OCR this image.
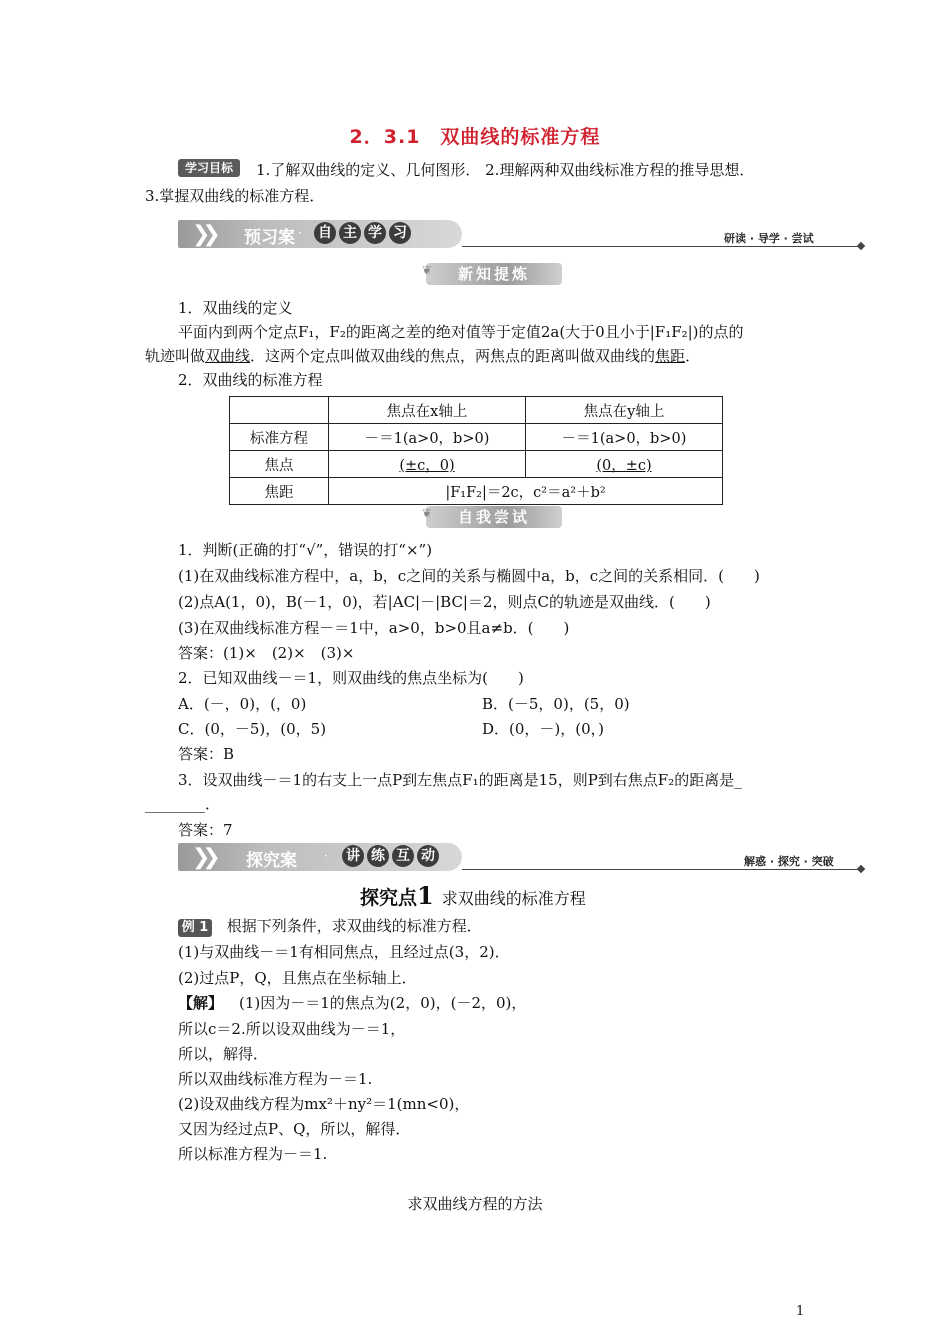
2．3.1　双曲线的标准方程
学习目标	1.了解双曲线的定义、几何图形． 2.理解两种双曲线标准方程的推导思想．
3.掌握双曲线的标准方程．
❯❯ 预习案 · 自 主 学 习	研读 · 导学 · 尝试
❦ 新知提炼
1．双曲线的定义
平面内到两个定点F₁，F₂的距离之差的绝对值等于定值2a(大于0且小于|F₁F₂|)的点的
轨迹叫做双曲线．这两个定点叫做双曲线的焦点，两焦点的距离叫做双曲线的焦距．
2．双曲线的标准方程
	焦点在x轴上	焦点在y轴上
标准方程	－＝1(a>0，b>0)	－＝1(a>0，b>0)
焦点	(±c，0)	(0，±c)
焦距	|F₁F₂|＝2c，c²＝a²＋b²	
❦ 自我尝试
1．判断(正确的打“√”，错误的打“×”)
(1)在双曲线标准方程中，a，b，c之间的关系与椭圆中a，b，c之间的关系相同．(　　)
(2)点A(1，0)，B(－1，0)，若|AC|－|BC|＝2，则点C的轨迹是双曲线．(　　)
(3)在双曲线标准方程－＝1中，a>0，b>0且a≠b．(　　)
答案：(1)×　(2)×　(3)×
2．已知双曲线－＝1，则双曲线的焦点坐标为(　　)
A．(－，0)，(，0)	B．(－5，0)，(5，0)
C．(0，－5)，(0，5)	D．(0，－)，(0，)
答案：B
3．设双曲线－＝1的右支上一点P到左焦点F₁的距离是15，则P到右焦点F₂的距离是_
________．
答案：7
❯❯ 探究案 · 讲 练 互 动	解惑 · 探究 · 突破
探究点1 求双曲线的标准方程
例 1 根据下列条件，求双曲线的标准方程．
(1)与双曲线－＝1有相同焦点，且经过点(3，2)．
(2)过点P，Q，且焦点在坐标轴上．
【解】 (1)因为－＝1的焦点为(2，0)，(－2，0)，
所以c＝2.所以设双曲线为－＝1，
所以，解得．
所以双曲线标准方程为－＝1.
(2)设双曲线方程为mx²＋ny²＝1(mn<0)，
又因为经过点P、Q，所以，解得．
所以标准方程为－＝1.
求双曲线方程的方法
1
